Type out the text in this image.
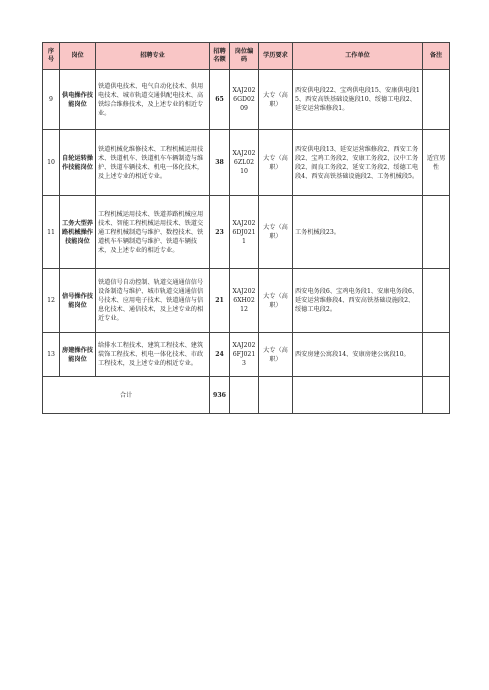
序号	岗位	招聘专业	招聘名额	岗位编码	学历要求	工作单位	备注
9	供电操作技能岗位	铁道供电技术、电气自动化技术、供用电技术、城市轨道交通供配电技术、高铁综合维修技术，及上述专业的相近专业。	65	XAJ2026GD0209	大专（高职）	西安供电段22、宝鸡供电段15、安康供电段15、西安高铁基础设施段10、绥德工电段2、延安运营维修段1。	
10	自轮运转操作技能岗位	铁道机械化维修技术、工程机械运用技术、铁道机车、铁道机车车辆制造与维护、铁道车辆技术、机电一体化技术，及上述专业的相近专业。	38	XAJ2026ZL0210	大专（高职）	西安供电段13、延安运营维修段2、西安工务段2、宝鸡工务段2、安康工务段2、汉中工务段2、阎良工务段2、延安工务段2、绥德工电段4、西安高铁基础设施段2、工务机械段5。	适宜男性
11	工务大型养路机械操作技能岗位	工程机械运用技术、铁道养路机械应用技术、智能工程机械运用技术、铁道交通工程机械制造与维护、数控技术、铁道机车车辆制造与维护、铁道车辆技术，及上述专业的相近专业。	23	XAJ2026DJ0211	大专（高职）	工务机械段23。	
12	信号操作技能岗位	铁道信号自动控制、轨道交通通信信号设备制造与维护、城市轨道交通通信信号技术、应用电子技术、铁道通信与信息化技术、通信技术，及上述专业的相近专业。	21	XAJ2026XH0212	大专（高职）	西安电务段6、宝鸡电务段1、安康电务段6、延安运营维修段4、西安高铁基础设施段2、绥德工电段2。	
13	房建操作技能岗位	给排水工程技术、建筑工程技术、建筑装饰工程技术、机电一体化技术、市政工程技术，及上述专业的相近专业。	24	XAJ2026FJ0213	大专（高职）	西安房建公寓段14、安康房建公寓段10。	
合计			936				
